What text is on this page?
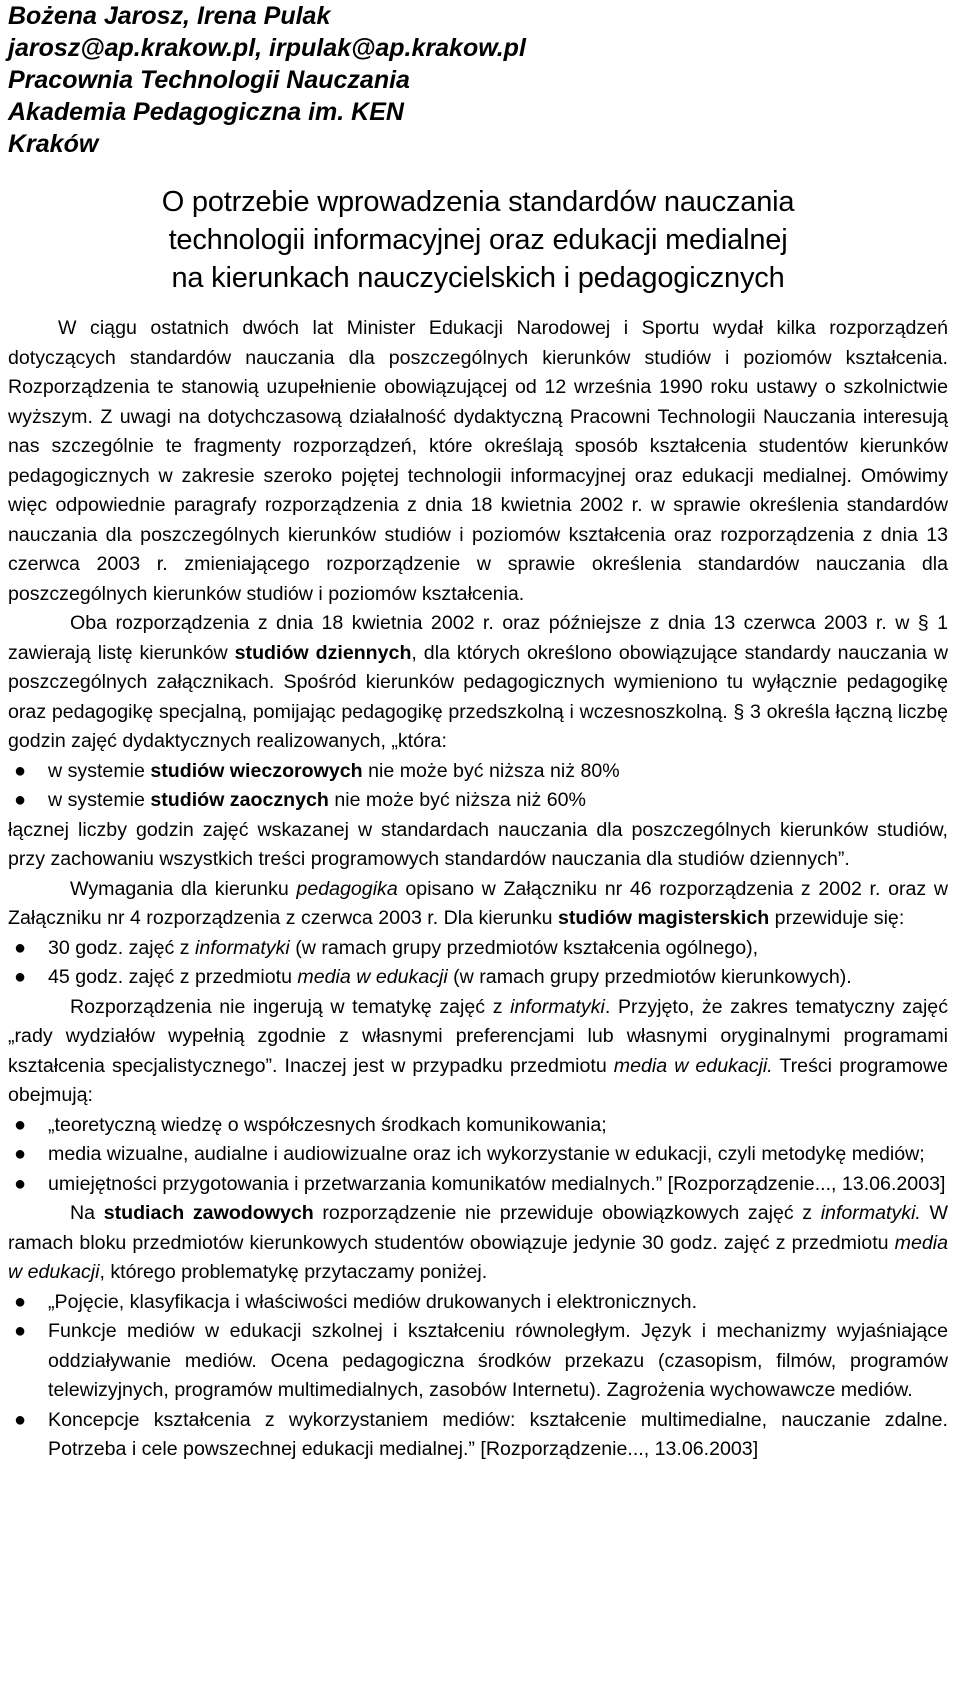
Bożena Jarosz, Irena Pulak
jarosz@ap.krakow.pl, irpulak@ap.krakow.pl
Pracownia Technologii Nauczania
Akademia Pedagogiczna im. KEN
Kraków
O potrzebie wprowadzenia standardów nauczania
technologii informacyjnej oraz edukacji medialnej
na kierunkach nauczycielskich i pedagogicznych

W ciągu ostatnich dwóch lat Minister Edukacji Narodowej i Sportu wydał kilka rozporządzeń dotyczących standardów nauczania dla poszczególnych kierunków studiów i poziomów kształcenia. Rozporządzenia te stanowią uzupełnienie obowiązującej od 12 września 1990 roku ustawy o szkolnictwie wyższym. Z uwagi na dotychczasową działalność dydaktyczną Pracowni Technologii Nauczania interesują nas szczególnie te fragmenty rozporządzeń, które określają sposób kształcenia studentów kierunków pedagogicznych w zakresie szeroko pojętej technologii informacyjnej oraz edukacji medialnej. Omówimy więc odpowiednie paragrafy rozporządzenia z dnia 18 kwietnia 2002 r. w sprawie określenia standardów nauczania dla poszczególnych kierunków studiów i poziomów kształcenia oraz rozporządzenia z dnia 13 czerwca 2003 r. zmieniającego rozporządzenie w sprawie określenia standardów nauczania dla poszczególnych kierunków studiów i poziomów kształcenia.

Oba rozporządzenia z dnia 18 kwietnia 2002 r. oraz późniejsze z dnia 13 czerwca 2003 r. w § 1 zawierają listę kierunków studiów dziennych, dla których określono obowiązujące standardy nauczania w poszczególnych załącznikach. Spośród kierunków pedagogicznych wymieniono tu wyłącznie pedagogikę oraz pedagogikę specjalną, pomijając pedagogikę przedszkolną i wczesnoszkolną. § 3 określa łączną liczbę godzin zajęć dydaktycznych realizowanych, „która:

● w systemie studiów wieczorowych nie może być niższa niż 80%
● w systemie studiów zaocznych nie może być niższa niż 60%

łącznej liczby godzin zajęć wskazanej w standardach nauczania dla poszczególnych kierunków studiów, przy zachowaniu wszystkich treści programowych standardów nauczania dla studiów dziennych”.

Wymagania dla kierunku pedagogika opisano w Załączniku nr 46 rozporządzenia z 2002 r. oraz w Załączniku nr 4 rozporządzenia z czerwca 2003 r. Dla kierunku studiów magisterskich przewiduje się:

● 30 godz. zajęć z informatyki (w ramach grupy przedmiotów kształcenia ogólnego),
● 45 godz. zajęć z przedmiotu media w edukacji (w ramach grupy przedmiotów kierunkowych).

Rozporządzenia nie ingerują w tematykę zajęć z informatyki. Przyjęto, że zakres tematyczny zajęć „rady wydziałów wypełnią zgodnie z własnymi preferencjami lub własnymi oryginalnymi programami kształcenia specjalistycznego”. Inaczej jest w przypadku przedmiotu media w edukacji. Treści programowe obejmują:

● „teoretyczną wiedzę o współczesnych środkach komunikowania;
● media wizualne, audialne i audiowizualne oraz ich wykorzystanie w edukacji, czyli metodykę mediów;
● umiejętności przygotowania i przetwarzania komunikatów medialnych.” [Rozporządzenie..., 13.06.2003]

Na studiach zawodowych rozporządzenie nie przewiduje obowiązkowych zajęć z informatyki. W ramach bloku przedmiotów kierunkowych studentów obowiązuje jedynie 30 godz. zajęć z przedmiotu media w edukacji, którego problematykę przytaczamy poniżej.

● „Pojęcie, klasyfikacja i właściwości mediów drukowanych i elektronicznych.
● Funkcje mediów w edukacji szkolnej i kształceniu równoległym. Język i mechanizmy wyjaśniające oddziaływanie mediów. Ocena pedagogiczna środków przekazu (czasopism, filmów, programów telewizyjnych, programów multimedialnych, zasobów Internetu). Zagrożenia wychowawcze mediów.
● Koncepcje kształcenia z wykorzystaniem mediów: kształcenie multimedialne, nauczanie zdalne. Potrzeba i cele powszechnej edukacji medialnej.” [Rozporządzenie..., 13.06.2003]
